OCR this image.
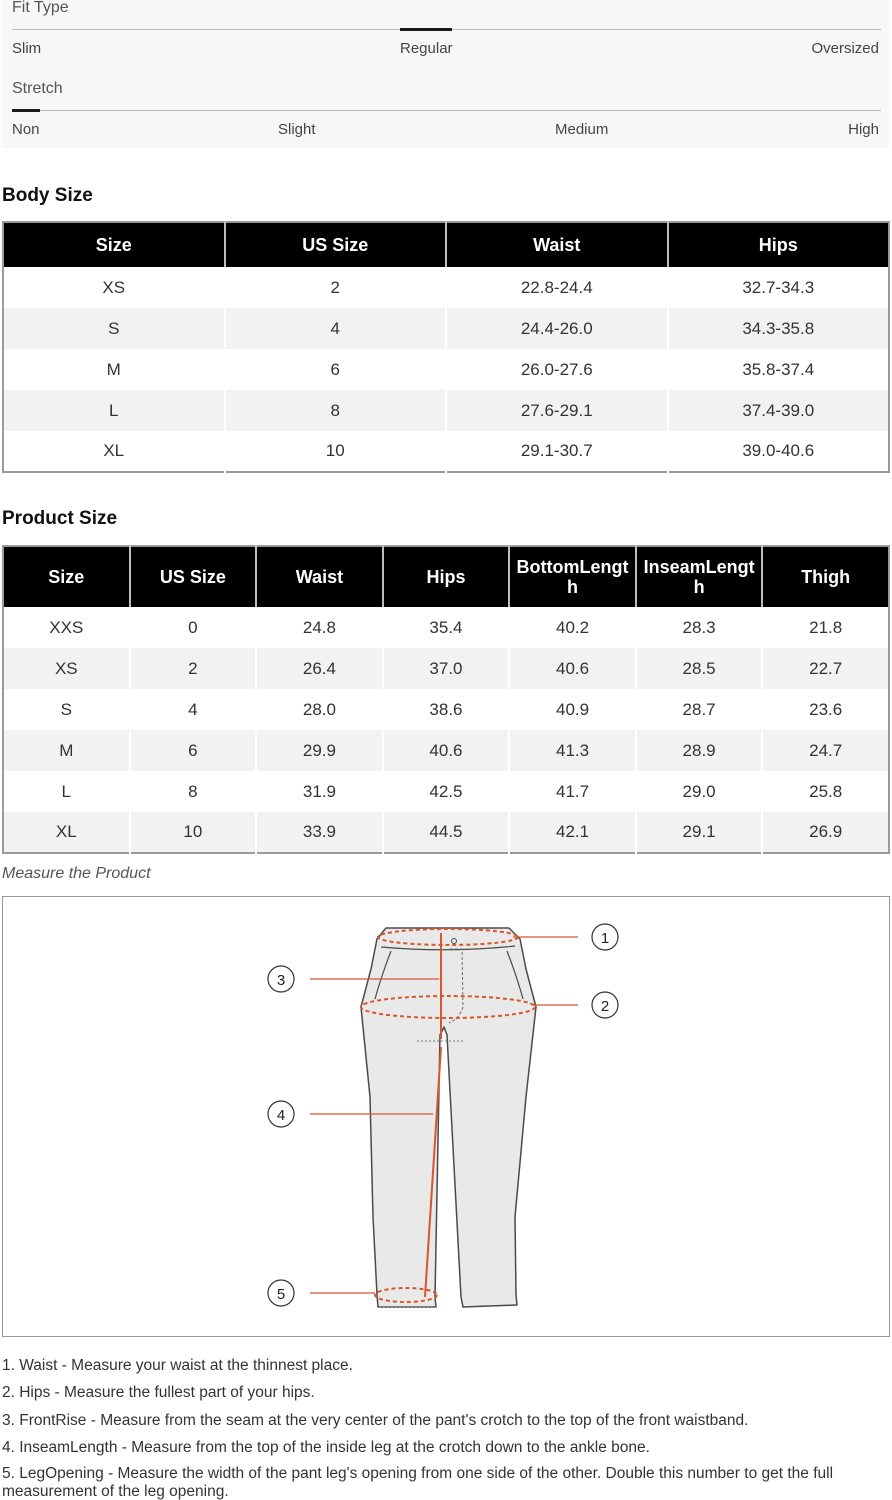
Fit Type
Slim	Regular	Oversized
Stretch
Non	Slight	Medium	High
Body Size
Size	US Size	Waist	Hips
XS	2	22.8-24.4	32.7-34.3
S	4	24.4-26.0	34.3-35.8
M	6	26.0-27.6	35.8-37.4
L	8	27.6-29.1	37.4-39.0
XL	10	29.1-30.7	39.0-40.6
Product Size
Size	US Size	Waist	Hips	BottomLength	InseamLength	Thigh
XXS	0	24.8	35.4	40.2	28.3	21.8
XS	2	26.4	37.0	40.6	28.5	22.7
S	4	28.0	38.6	40.9	28.7	23.6
M	6	29.9	40.6	41.3	28.9	24.7
L	8	31.9	42.5	41.7	29.0	25.8
XL	10	33.9	44.5	42.1	29.1	26.9
Measure the Product
1
2
3
4
5
1. Waist - Measure your waist at the thinnest place.
2. Hips - Measure the fullest part of your hips.
3. FrontRise - Measure from the seam at the very center of the pant's crotch to the top of the front waistband.
4. InseamLength - Measure from the top of the inside leg at the crotch down to the ankle bone.
5. LegOpening - Measure the width of the pant leg's opening from one side of the other. Double this number to get the full measurement of the leg opening.
